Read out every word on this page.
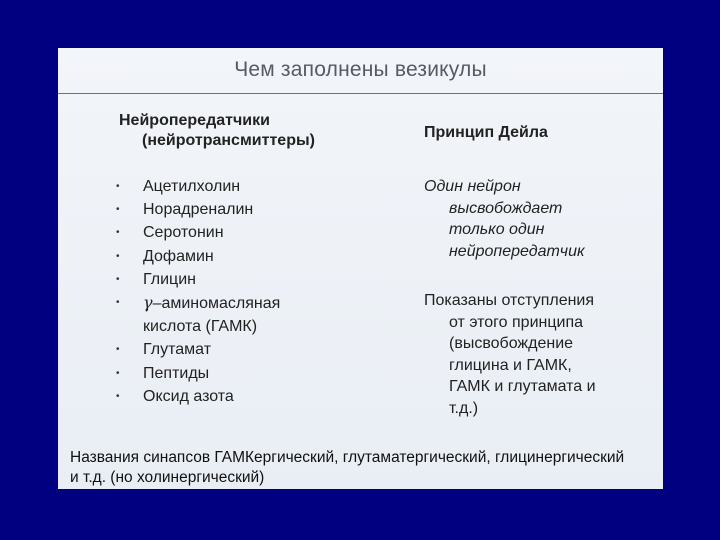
Чем заполнены везикулы
Нейропередатчики
(нейротрансмиттеры)	Принцип Дейла
• Ацетилхолин
• Норадреналин
• Серотонин
• Дофамин
• Глицин
• γ–аминомасляная
кислота (ГАМК)
• Глутамат
• Пептиды
• Оксид азота
Один нейрон
высвобождает
только один
нейропередатчик
Показаны отступления
от этого принципа
(высвобождение
глицина и ГАМК,
ГАМК и глутамата и
т.д.)
Названия синапсов ГАМКергический, глутаматергический, глицинергический
и т.д. (но холинергический)
